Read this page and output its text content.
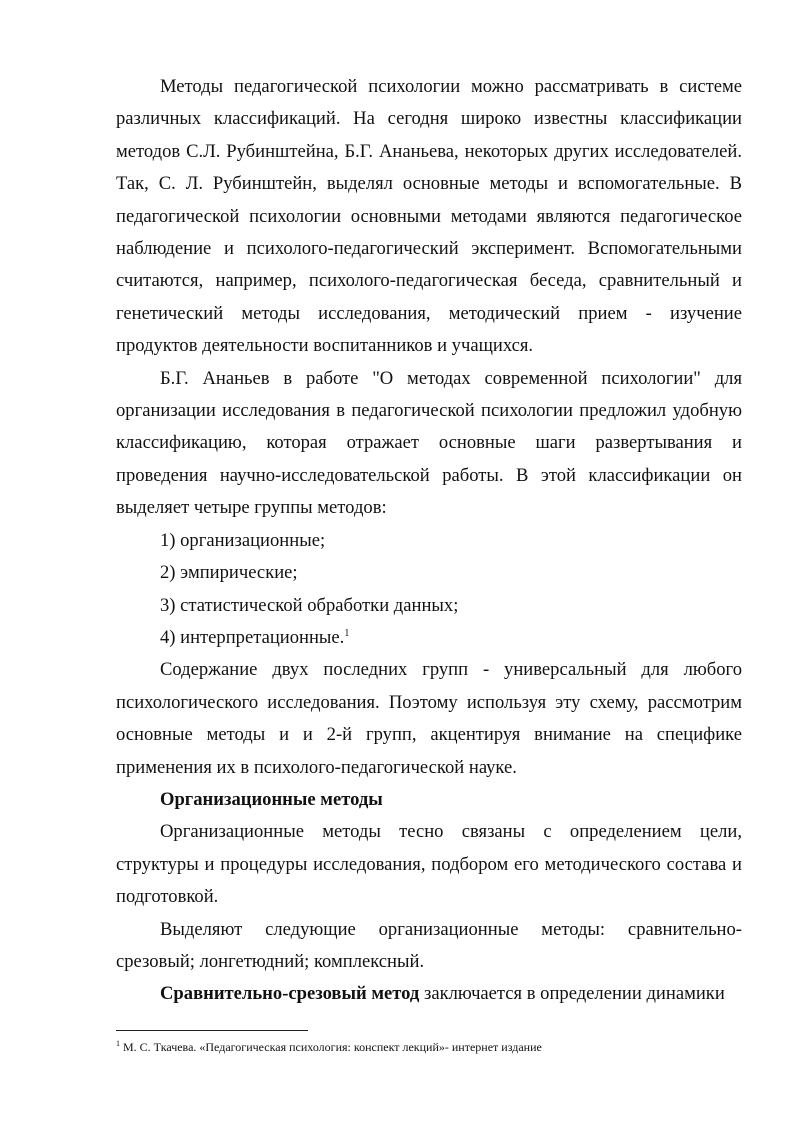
Методы педагогической психологии можно рассматривать в системе различных классификаций. На сегодня широко известны классификации методов С.Л. Рубинштейна, Б.Г. Ананьева, некоторых других исследователей. Так, С. Л. Рубинштейн, выделял основные методы и вспомогательные. В педагогической психологии основными методами являются педагогическое наблюдение и психолого-педагогический эксперимент. Вспомогательными считаются, например, психолого-педагогическая беседа, сравнительный и генетический методы исследования, методический прием - изучение продуктов деятельности воспитанников и учащихся.

Б.Г. Ананьев в работе "О методах современной психологии" для организации исследования в педагогической психологии предложил удобную классификацию, которая отражает основные шаги развертывания и проведения научно-исследовательской работы. В этой классификации он выделяет четыре группы методов:

1) организационные;

2) эмпирические;

3) статистической обработки данных;

4) интерпретационные.$^1$

Содержание двух последних групп - универсальный для любого психологического исследования. Поэтому используя эту схему, рассмотрим основные методы и и 2-й групп, акцентируя внимание на специфике применения их в психолого-педагогической науке.

Организационные методы

Организационные методы тесно связаны с определением цели, структуры и процедуры исследования, подбором его методического состава и подготовкой.

Выделяют следующие организационные методы: сравнительно-срезовый; лонгетюдний; комплексный.

Сравнительно-срезовый метод заключается в определении динамики

$^1$ М. С. Ткачева. «Педагогическая психология: конспект лекций»- интернет издание
